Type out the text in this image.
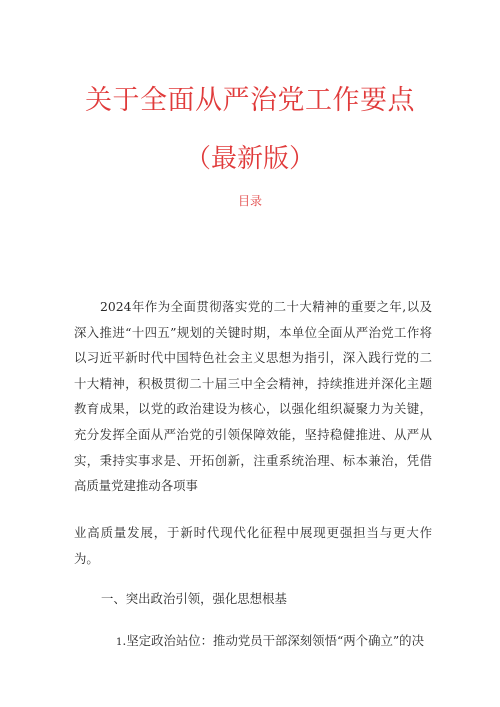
关于全面从严治党工作要点
（最新版）
目录

2024年作为全面贯彻落实党的二十大精神的重要之年,以及深入推进“十四五”规划的关键时期，本单位全面从严治党工作将以习近平新时代中国特色社会主义思想为指引，深入践行党的二十大精神，积极贯彻二十届三中全会精神，持续推进并深化主题教育成果，以党的政治建设为核心，以强化组织凝聚力为关键，充分发挥全面从严治党的引领保障效能，坚持稳健推进、从严从实，秉持实事求是、开拓创新，注重系统治理、标本兼治，凭借高质量党建推动各项事

业高质量发展，于新时代现代化征程中展现更强担当与更大作为。

一、突出政治引领，强化思想根基
1.坚定政治站位：推动党员干部深刻领悟“两个确立”的决
